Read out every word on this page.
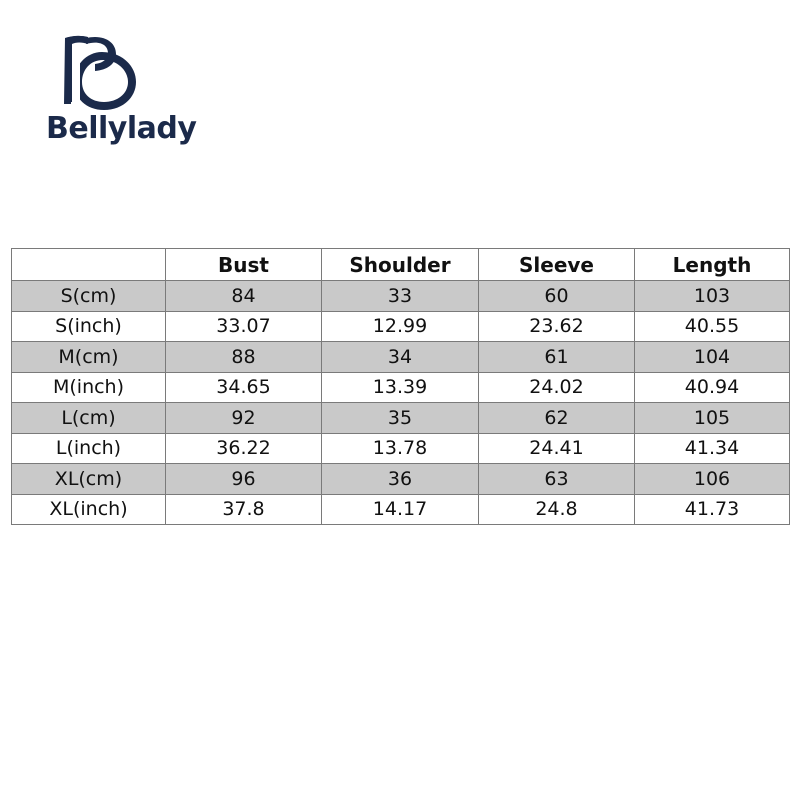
Bellylady
	Bust	Shoulder	Sleeve	Length
S(cm)	84	33	60	103
S(inch)	33.07	12.99	23.62	40.55
M(cm)	88	34	61	104
M(inch)	34.65	13.39	24.02	40.94
L(cm)	92	35	62	105
L(inch)	36.22	13.78	24.41	41.34
XL(cm)	96	36	63	106
XL(inch)	37.8	14.17	24.8	41.73
